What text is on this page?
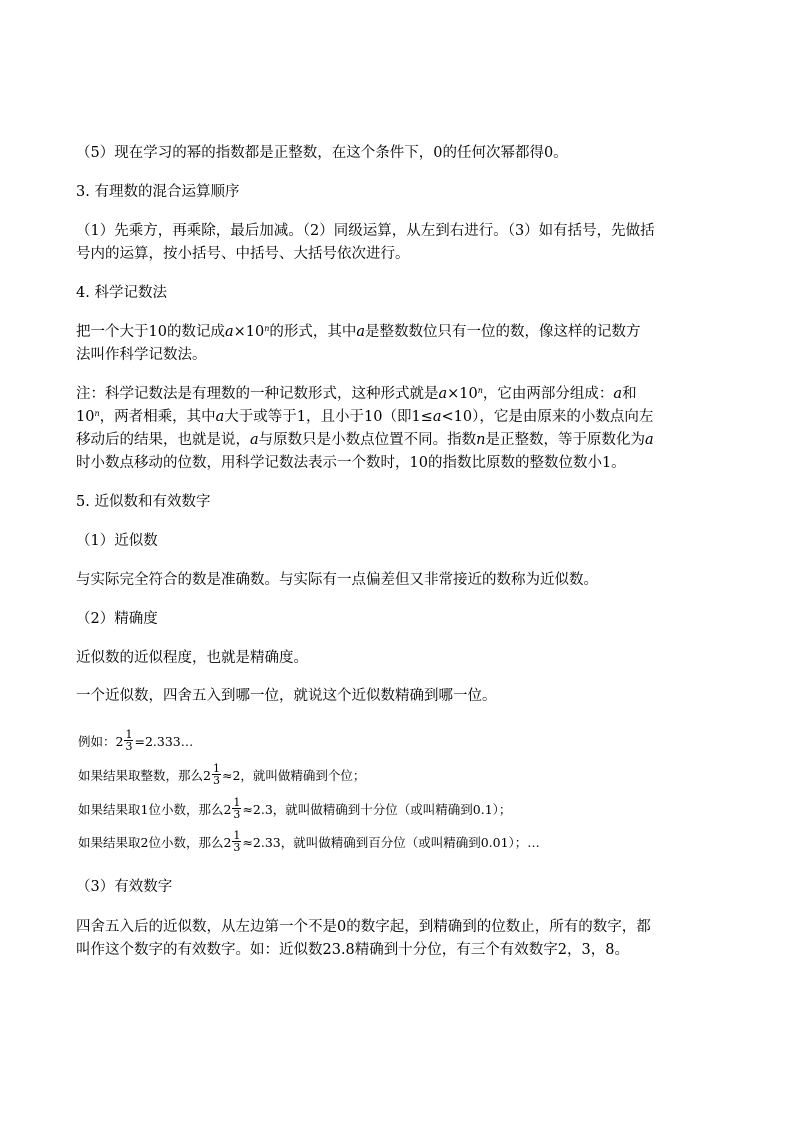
（5）现在学习的幂的指数都是正整数，在这个条件下，0的任何次幂都得0。
3. 有理数的混合运算顺序
（1）先乘方，再乘除，最后加减。（2）同级运算，从左到右进行。（3）如有括号，先做括
号内的运算，按小括号、中括号、大括号依次进行。
4. 科学记数法
把一个大于10的数记成$a\times 10^n$的形式，其中a是整数数位只有一位的数，像这样的记数方
法叫作科学记数法。
注：科学记数法是有理数的一种记数形式，这种形式就是$a\times 10^n$，它由两部分组成：a和
10$^n$，两者相乘，其中a大于或等于1，且小于10（即1≤a<10），它是由原来的小数点向左
移动后的结果，也就是说，a与原数只是小数点位置不同。指数n是正整数，等于原数化为a
时小数点移动的位数，用科学记数法表示一个数时，10的指数比原数的整数位数小1。
5. 近似数和有效数字
（1）近似数
与实际完全符合的数是准确数。与实际有一点偏差但又非常接近的数称为近似数。
（2）精确度
近似数的近似程度，也就是精确度。
一个近似数，四舍五入到哪一位，就说这个近似数精确到哪一位。
例如：$2 \frac{1}{3}$ =2.333…
如果结果取整数，那么$2 \frac{1}{3} \approx 2$，就叫做精确到个位；
如果结果取1位小数，那么$2 \frac{1}{3} \approx 2.3$，就叫做精确到十分位（或叫精确到0.1）；
如果结果取2位小数，那么$2 \frac{1}{3} \approx 2.33$，就叫做精确到百分位（或叫精确到0.01）；…
（3）有效数字
四舍五入后的近似数，从左边第一个不是0的数字起，到精确到的位数止，所有的数字，都
叫作这个数字的有效数字。如：近似数23.8精确到十分位，有三个有效数字2，3，8。
